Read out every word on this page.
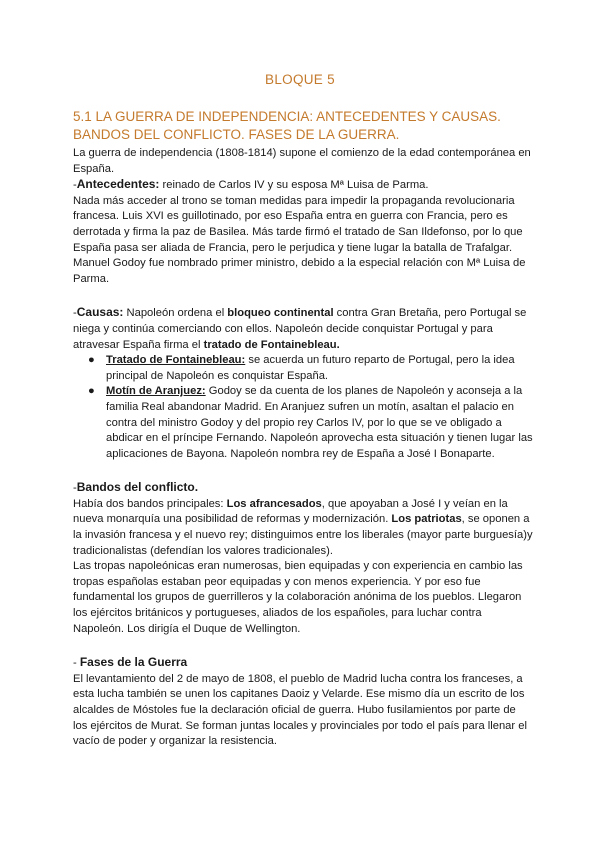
BLOQUE 5
5.1 LA GUERRA DE INDEPENDENCIA: ANTECEDENTES Y CAUSAS.
BANDOS DEL CONFLICTO. FASES DE LA GUERRA.

La guerra de independencia (1808-1814) supone el comienzo de la edad contemporánea en España.

-Antecedentes: reinado de Carlos IV y su esposa Mª Luisa de Parma.

Nada más acceder al trono se toman medidas para impedir la propaganda revolucionaria francesa. Luis XVI es guillotinado, por eso España entra en guerra con Francia, pero es derrotada y firma la paz de Basilea. Más tarde firmó el tratado de San Ildefonso, por lo que España pasa ser aliada de Francia, pero le perjudica y tiene lugar la batalla de Trafalgar. Manuel Godoy fue nombrado primer ministro, debido a la especial relación con Mª Luisa de Parma.

-Causas: Napoleón ordena el bloqueo continental contra Gran Bretaña, pero Portugal se niega y continúa comerciando con ellos. Napoleón decide conquistar Portugal y para atravesar España firma el tratado de Fontainebleau.

● Tratado de Fontainebleau: se acuerda un futuro reparto de Portugal, pero la idea principal de Napoleón es conquistar España.
● Motín de Aranjuez: Godoy se da cuenta de los planes de Napoleón y aconseja a la familia Real abandonar Madrid. En Aranjuez sufren un motín, asaltan el palacio en contra del ministro Godoy y del propio rey Carlos IV, por lo que se ve obligado a abdicar en el príncipe Fernando. Napoleón aprovecha esta situación y tienen lugar las aplicaciones de Bayona. Napoleón nombra rey de España a José I Bonaparte.

-Bandos del conflicto.

Había dos bandos principales: Los afrancesados, que apoyaban a José I y veían en la nueva monarquía una posibilidad de reformas y modernización. Los patriotas, se oponen a la invasión francesa y el nuevo rey; distinguimos entre los liberales (mayor parte burguesía)y tradicionalistas (defendían los valores tradicionales).

Las tropas napoleónicas eran numerosas, bien equipadas y con experiencia en cambio las tropas españolas estaban peor equipadas y con menos experiencia. Y por eso fue fundamental los grupos de guerrilleros y la colaboración anónima de los pueblos. Llegaron los ejércitos británicos y portugueses, aliados de los españoles, para luchar contra Napoleón. Los dirigía el Duque de Wellington.

- Fases de la Guerra

El levantamiento del 2 de mayo de 1808, el pueblo de Madrid lucha contra los franceses, a esta lucha también se unen los capitanes Daoiz y Velarde. Ese mismo día un escrito de los alcaldes de Móstoles fue la declaración oficial de guerra. Hubo fusilamientos por parte de los ejércitos de Murat. Se forman juntas locales y provinciales por todo el país para llenar el vacío de poder y organizar la resistencia.
